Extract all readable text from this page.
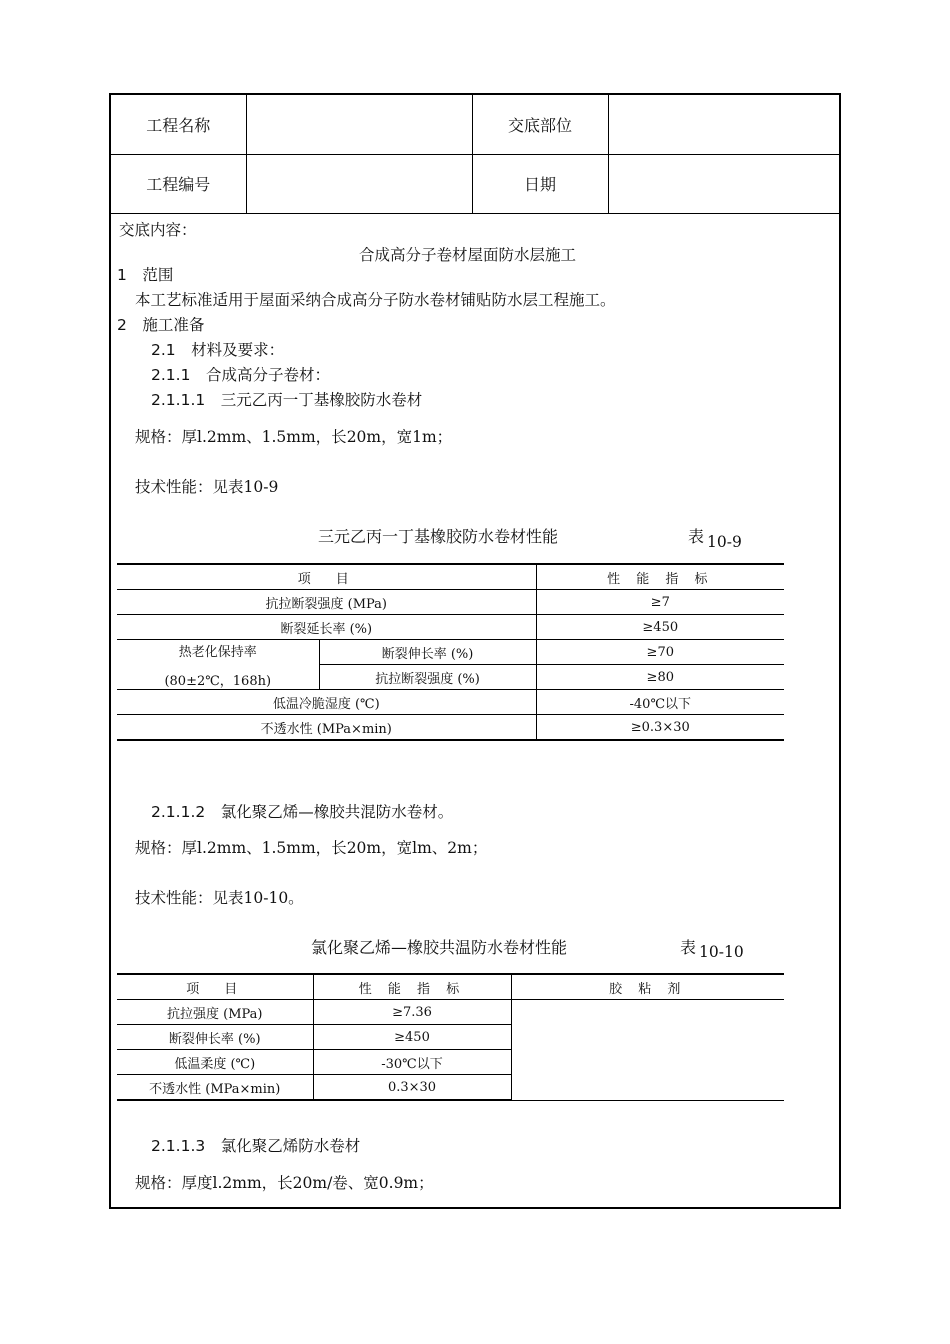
工程名称		交底部位	
工程编号		日期	
交底内容：
合成高分子卷材屋面防水层施工
1　范围
本工艺标准适用于屋面采纳合成高分子防水卷材铺贴防水层工程施工。
2　施工准备
2.1　材料及要求：
2.1.1　合成高分子卷材：
2.1.1.1　三元乙丙一丁基橡胶防水卷材
规格：厚l.2mm、1.5mm，长20m，宽1m；
技术性能：见表10-9
三元乙丙一丁基橡胶防水卷材性能	表 10-9
项　目		性 能 指 标
抗拉断裂强度 (MPa)		≥7
断裂延长率 (%)		≥450

热老化保持率
(80±2℃，168h)	断裂伸长率 (%)	≥70
	抗拉断裂强度 (%)	≥80
低温冷脆湿度 (℃)		-40℃以下
不透水性 (MPa×min)		≥0.3×30
2.1.1.2　氯化聚乙烯—橡胶共混防水卷材。
规格：厚l.2mm、1.5mm，长20m，宽lm、2m；
技术性能：见表10-10。
氯化聚乙烯—橡胶共温防水卷材性能	表 10-10
项　目	性 能 指 标	胶 粘 剂
抗拉强度 (MPa)	≥7.36	
断裂伸长率 (%)	≥450	
低温柔度 (℃)	-30℃以下	
不透水性 (MPa×min)	0.3×30	
2.1.1.3　氯化聚乙烯防水卷材
规格：厚度l.2mm，长20m/卷、宽0.9m；
